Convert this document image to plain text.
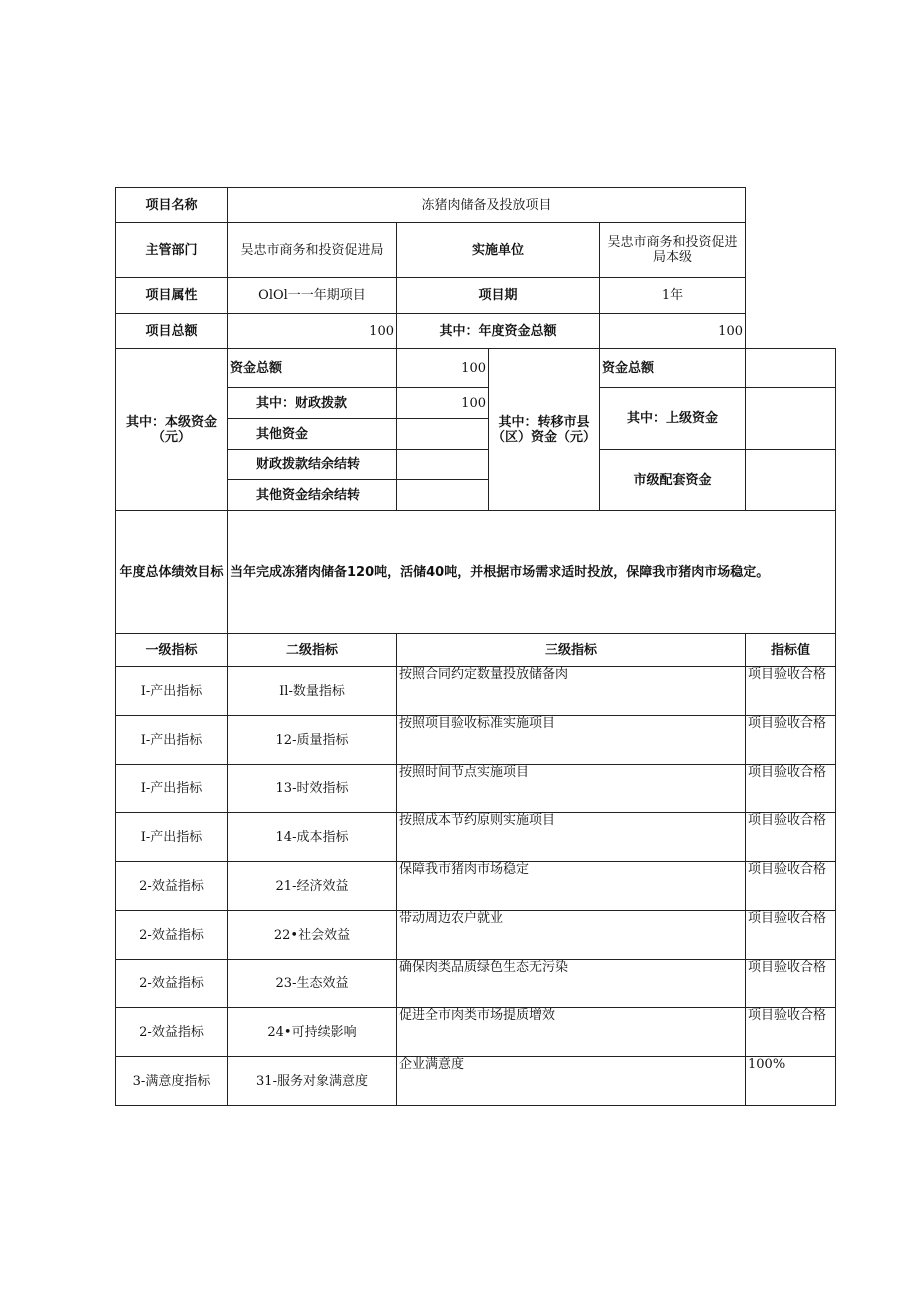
项目名称	冻猪肉储备及投放项目				
主管部门	吴忠市商务和投资促进局	实施单位		吴忠市商务和投资促进局本级	
项目属性	OlOl一一年期项目	项目期		1年	
项目总额	100	其中：年度资金总额		100	
其中：本级资金（元）	资金总额	100	其中：转移市县（区）资金（元）	资金总额	
	其中：财政拨款	100		其中：上级资金	
	其他资金				
	财政拨款结余结转			市级配套资金	
	其他资金结余结转				
年度总体绩效目标	当年完成冻猪肉储备120吨，活储40吨，并根据市场需求适时投放，保障我市猪肉市场稳定。				
一级指标	二级指标	三级指标			指标值
I-产出指标	Il-数量指标	按照合同约定数量投放储备肉			项目验收合格
I-产出指标	12-质量指标	按照项目验收标准实施项目			项目验收合格
I-产出指标	13-时效指标	按照时间节点实施项目			项目验收合格
I-产出指标	14-成本指标	按照成本节约原则实施项目			项目验收合格
2-效益指标	21-经济效益	保障我市猪肉市场稳定			项目验收合格
2-效益指标	22•社会效益	带动周边农户就业			项目验收合格
2-效益指标	23-生态效益	确保肉类品质绿色生态无污染			项目验收合格
2-效益指标	24•可持续影响	促进全市肉类市场提质增效			项目验收合格
3-满意度指标	31-服务对象满意度	企业满意度			100%
